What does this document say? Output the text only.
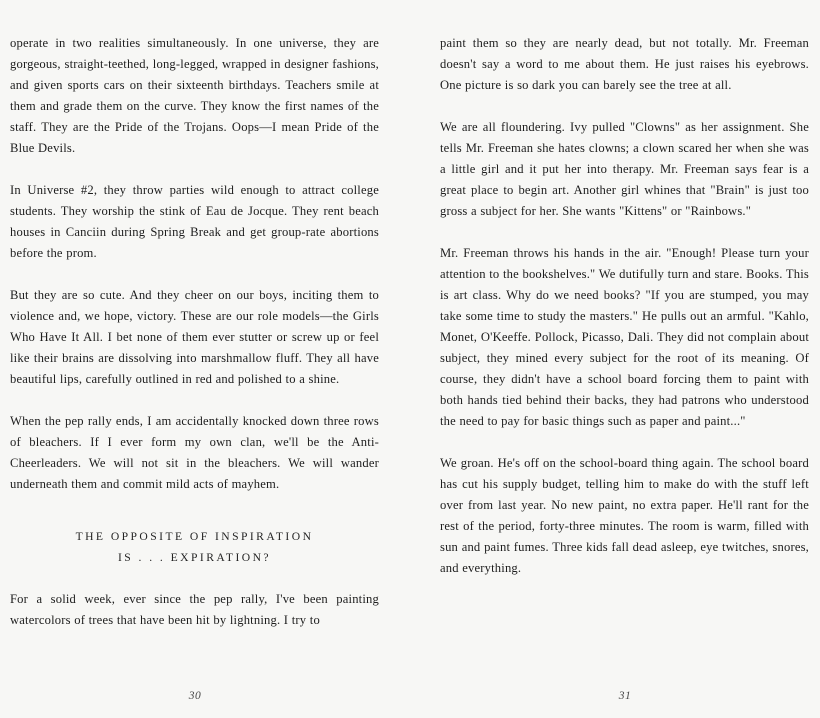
operate in two realities simultaneously. In one universe, they are gorgeous, straight-teethed, long-legged, wrapped in designer fashions, and given sports cars on their sixteenth birthdays. Teachers smile at them and grade them on the curve. They know the first names of the staff. They are the Pride of the Trojans. Oops—I mean Pride of the Blue Devils.

In Universe #2, they throw parties wild enough to attract college students. They worship the stink of Eau de Jocque. They rent beach houses in Canciin during Spring Break and get group-rate abortions before the prom.

But they are so cute. And they cheer on our boys, inciting them to violence and, we hope, victory. These are our role models—the Girls Who Have It All. I bet none of them ever stutter or screw up or feel like their brains are dissolving into marshmallow fluff. They all have beautiful lips, carefully outlined in red and polished to a shine.

When the pep rally ends, I am accidentally knocked down three rows of bleachers. If I ever form my own clan, we'll be the Anti-Cheerleaders. We will not sit in the bleachers. We will wander underneath them and commit mild acts of mayhem.

THE OPPOSITE OF INSPIRATION
IS . . . EXPIRATION?

For a solid week, ever since the pep rally, I've been painting watercolors of trees that have been hit by lightning. I try to

30

paint them so they are nearly dead, but not totally. Mr. Freeman doesn't say a word to me about them. He just raises his eyebrows. One picture is so dark you can barely see the tree at all.

We are all floundering. Ivy pulled "Clowns" as her assignment. She tells Mr. Freeman she hates clowns; a clown scared her when she was a little girl and it put her into therapy. Mr. Freeman says fear is a great place to begin art. Another girl whines that "Brain" is just too gross a subject for her. She wants "Kittens" or "Rainbows."

Mr. Freeman throws his hands in the air. "Enough! Please turn your attention to the bookshelves." We dutifully turn and stare. Books. This is art class. Why do we need books? "If you are stumped, you may take some time to study the masters." He pulls out an armful. "Kahlo, Monet, O'Keeffe. Pollock, Picasso, Dali. They did not complain about subject, they mined every subject for the root of its meaning. Of course, they didn't have a school board forcing them to paint with both hands tied behind their backs, they had patrons who understood the need to pay for basic things such as paper and paint..."

We groan. He's off on the school-board thing again. The school board has cut his supply budget, telling him to make do with the stuff left over from last year. No new paint, no extra paper. He'll rant for the rest of the period, forty-three minutes. The room is warm, filled with sun and paint fumes. Three kids fall dead asleep, eye twitches, snores, and everything.

31
